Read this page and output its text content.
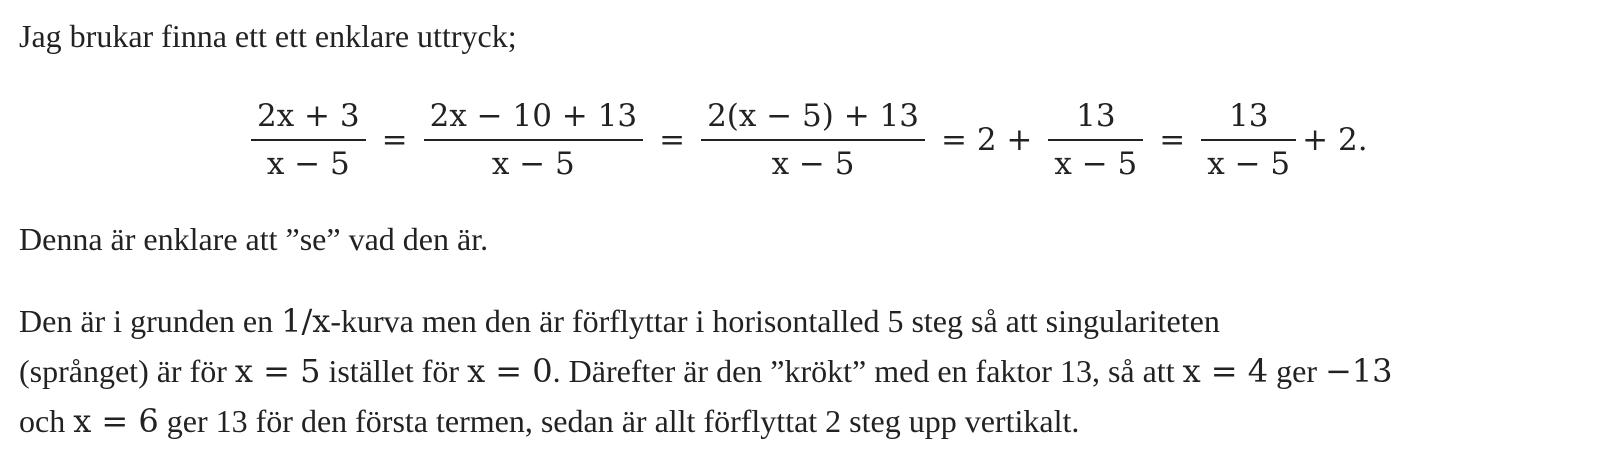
Jag brukar finna ett ett enklare uttryck;

$\frac{2x + 3}{x - 5} = \frac{2x - 10 + 13}{x - 5} = \frac{2(x - 5) + 13}{x - 5} = 2 + \frac{13}{x - 5} = \frac{13}{x - 5} + 2$.

Denna är enklare att ”se” vad den är.

Den är i grunden en 1/x-kurva men den är förflyttar i horisontalled 5 steg så att singulariteten
(språnget) är för x = 5 istället för x = 0. Därefter är den ”krökt” med en faktor 13, så att x = 4 ger −13
och x = 6 ger 13 för den första termen, sedan är allt förflyttat 2 steg upp vertikalt.
